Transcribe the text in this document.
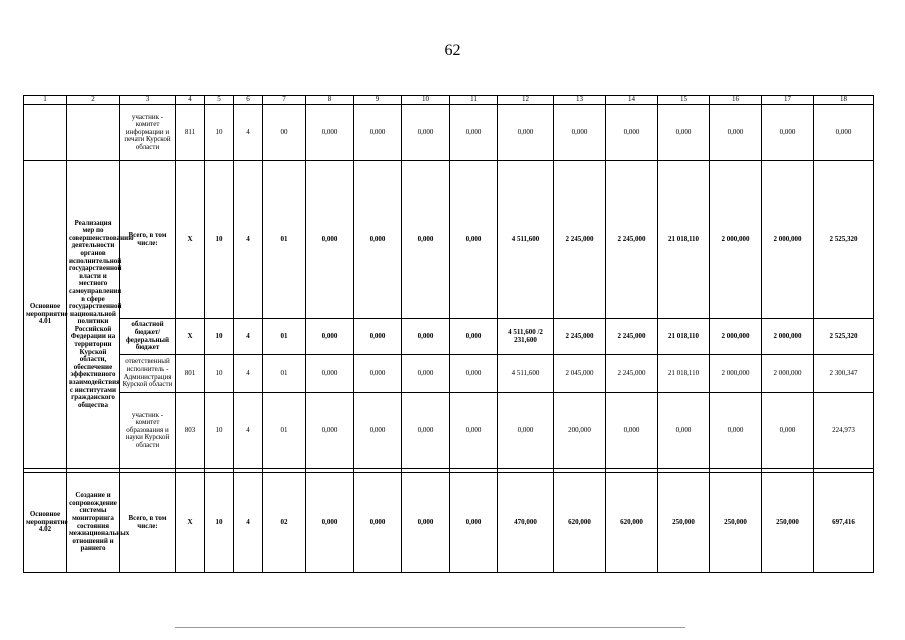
62
1	2	3	4	5	6	7	8	9	10	11	12	13	14	15	16	17	18
		участник - комитет информации и печати Курской области	811	10	4	00	0,000	0,000	0,000	0,000	0,000	0,000	0,000	0,000	0,000	0,000	0,000
Основное мероприятие 4.01	Реализация мер по совершенствованию деятельности органов исполнительной государственной власти и местного самоуправления в сфере государственной национальной политики Российской Федерации на территории Курской области, обеспечение эффективного взаимодействия с институтами гражданского общества	Всего, в том числе:	Х	10	4	01	0,000	0,000	0,000	0,000	4 511,600	2 245,000	2 245,000	21 018,110	2 000,000	2 000,000	2 525,320
		областной бюджет/ федеральный бюджет	Х	10	4	01	0,000	0,000	0,000	0,000	4 511,600 /2 231,600	2 245,000	2 245,000	21 018,110	2 000,000	2 000,000	2 525,320
		ответственный исполнитель - Администрация Курской области	801	10	4	01	0,000	0,000	0,000	0,000	4 511,600	2 045,000	2 245,000	21 018,110	2 000,000	2 000,000	2 300,347
		участник - комитет образования и науки Курской области	803	10	4	01	0,000	0,000	0,000	0,000	0,000	200,000	0,000	0,000	0,000	0,000	224,973

Основное мероприятие 4.02	Создание и сопровождение системы мониторинга состояния межнациональных отношений и раннего	Всего, в том числе:	Х	10	4	02	0,000	0,000	0,000	0,000	470,000	620,000	620,000	250,000	250,000	250,000	697,416
